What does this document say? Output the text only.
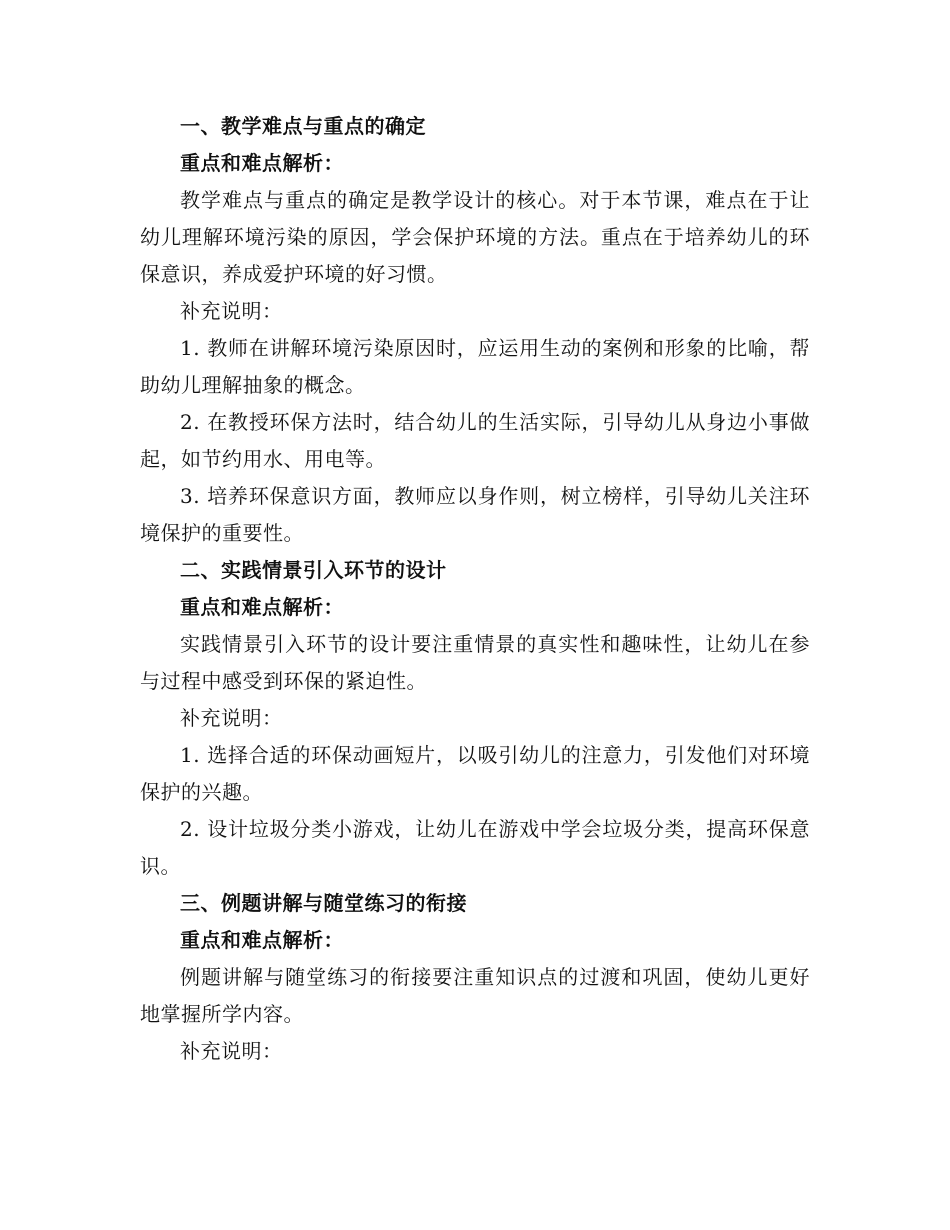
一、教学难点与重点的确定

重点和难点解析：

教学难点与重点的确定是教学设计的核心。对于本节课，难点在于让幼儿理解环境污染的原因，学会保护环境的方法。重点在于培养幼儿的环保意识，养成爱护环境的好习惯。

补充说明：

1. 教师在讲解环境污染原因时，应运用生动的案例和形象的比喻，帮助幼儿理解抽象的概念。

2. 在教授环保方法时，结合幼儿的生活实际，引导幼儿从身边小事做起，如节约用水、用电等。

3. 培养环保意识方面，教师应以身作则，树立榜样，引导幼儿关注环境保护的重要性。

二、实践情景引入环节的设计

重点和难点解析：

实践情景引入环节的设计要注重情景的真实性和趣味性，让幼儿在参与过程中感受到环保的紧迫性。

补充说明：

1. 选择合适的环保动画短片，以吸引幼儿的注意力，引发他们对环境保护的兴趣。

2. 设计垃圾分类小游戏，让幼儿在游戏中学会垃圾分类，提高环保意识。

三、例题讲解与随堂练习的衔接

重点和难点解析：

例题讲解与随堂练习的衔接要注重知识点的过渡和巩固，使幼儿更好地掌握所学内容。

补充说明：
